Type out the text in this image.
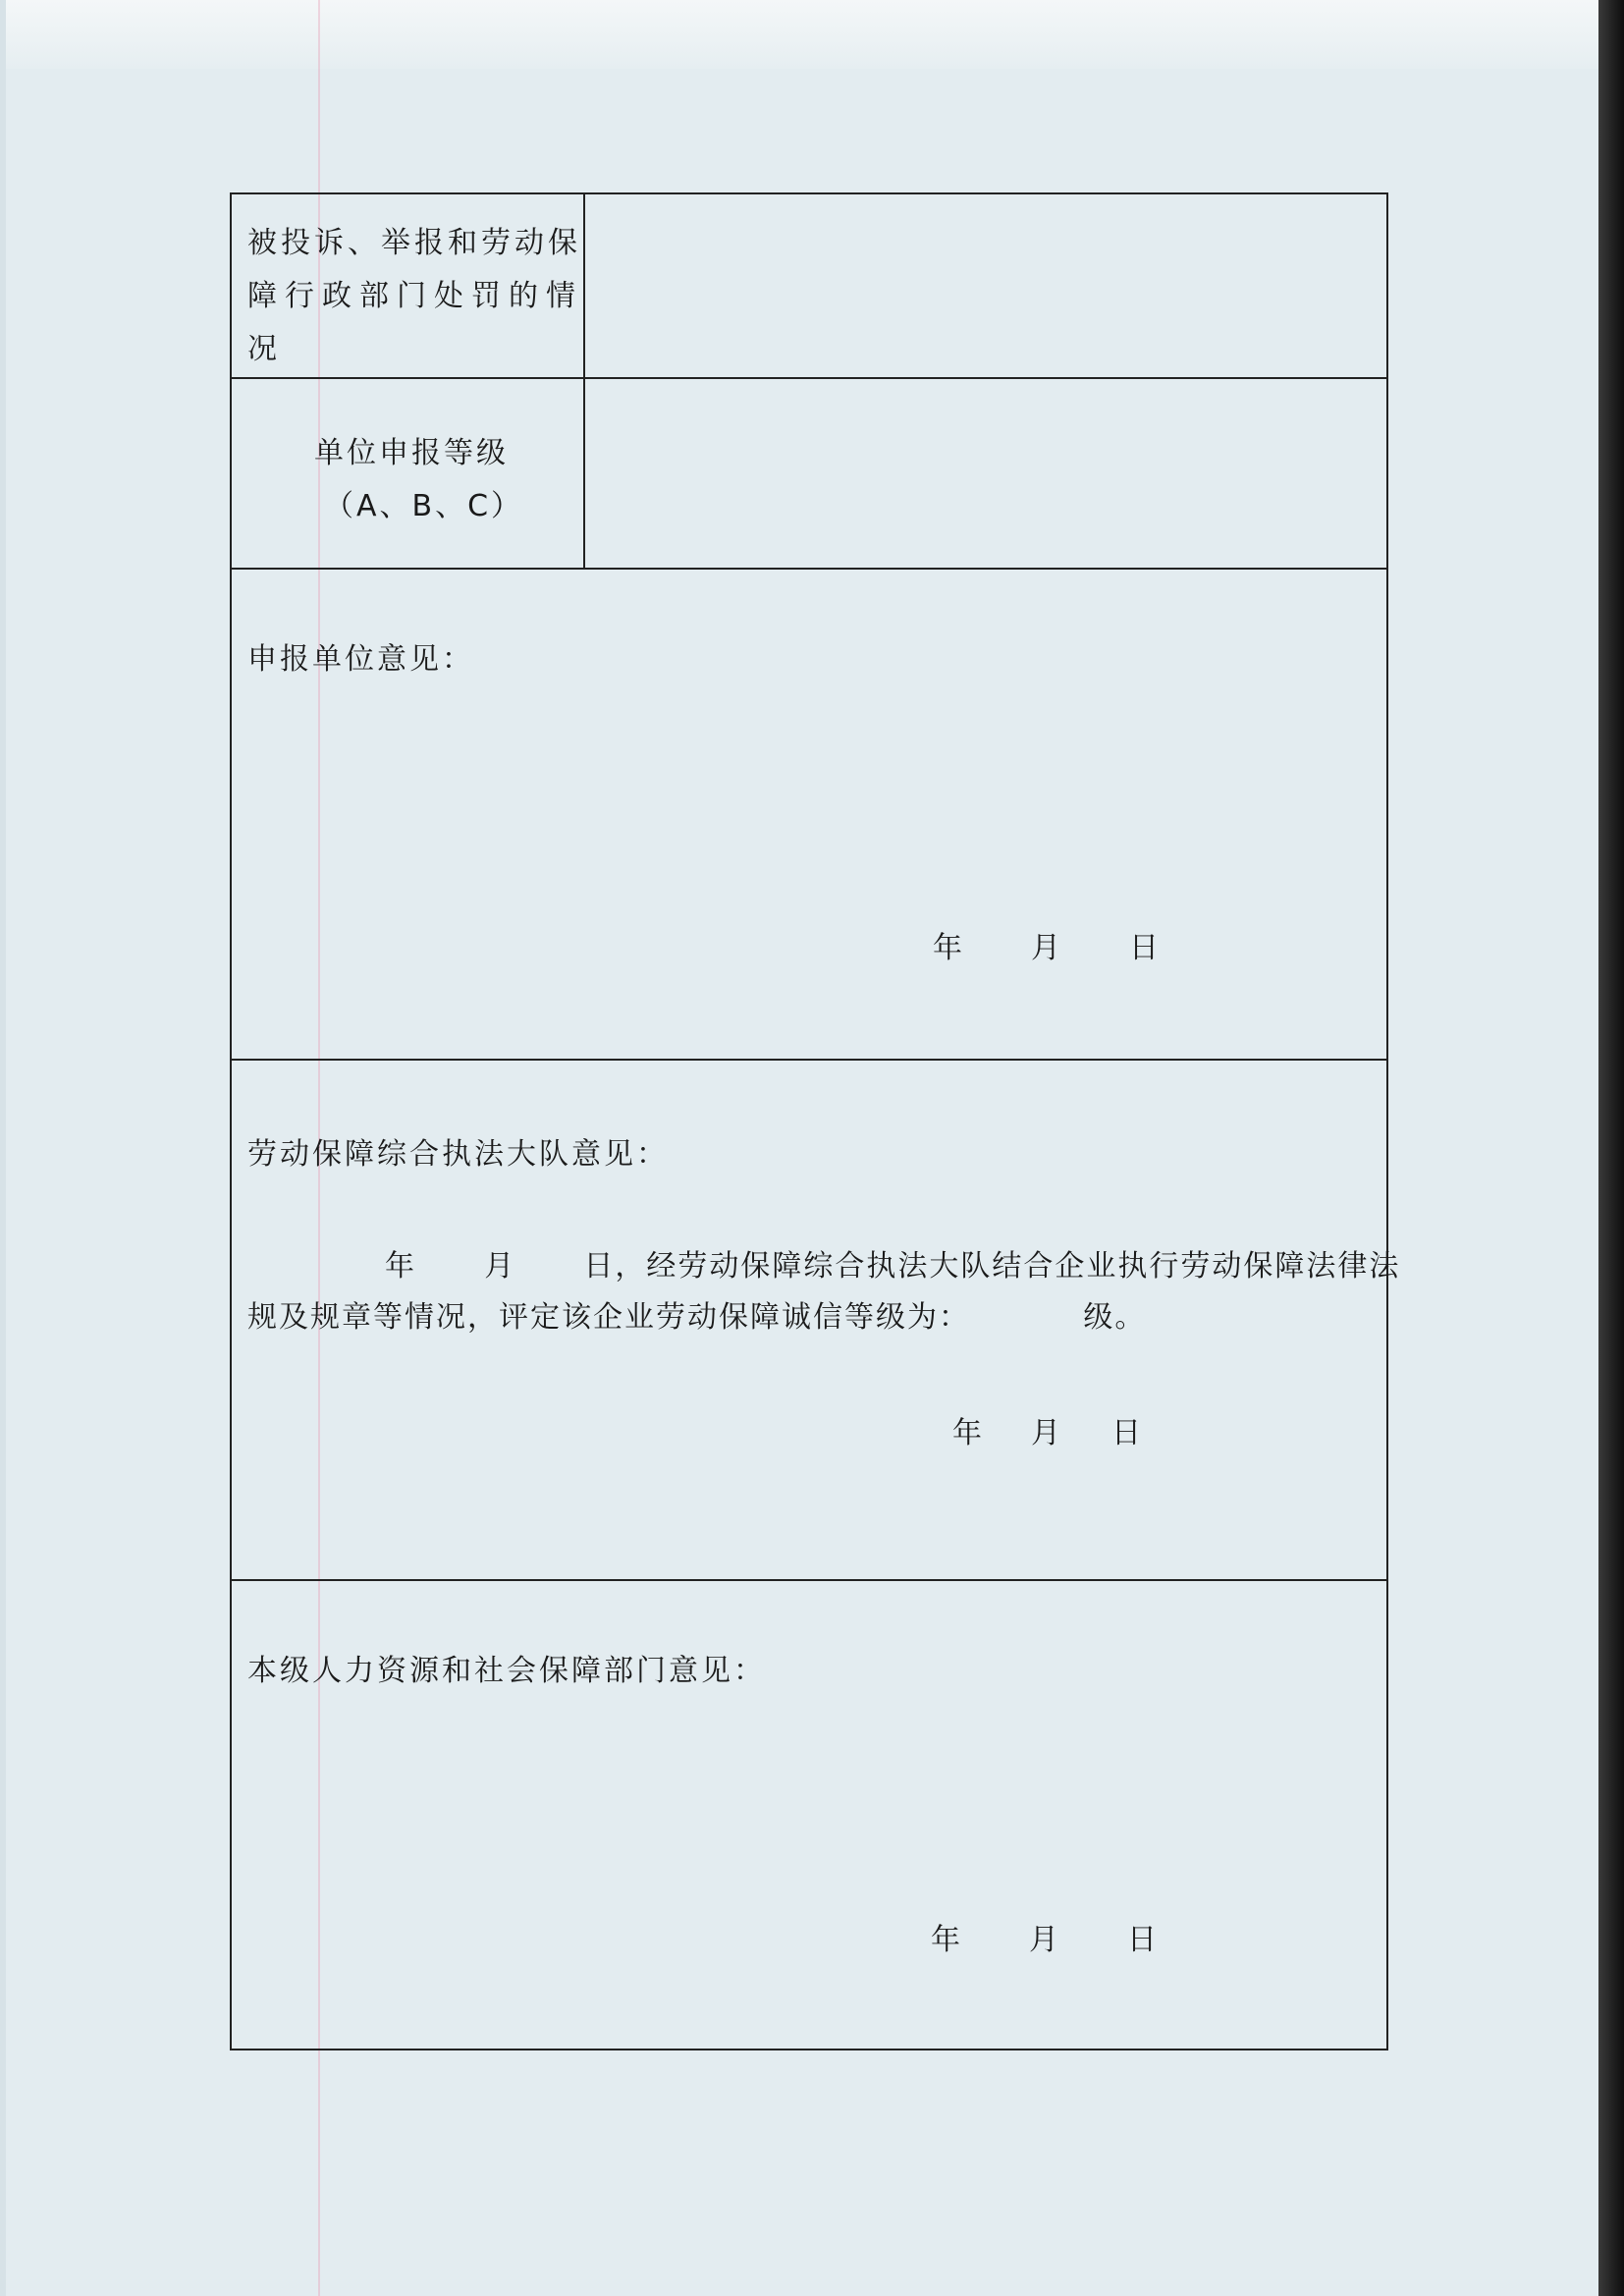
被投诉、举报和劳动保
障行政部门处罚的情
况
单位申报等级
（A、B、C）
申报单位意见：
年 月 日
劳动保障综合执法大队意见：
年      月      日，经劳动保障综合执法大队结合企业执行劳动保障法律法
规及规章等情况，评定该企业劳动保障诚信等级为：          级。
年 月 日
本级人力资源和社会保障部门意见：
年 月 日
